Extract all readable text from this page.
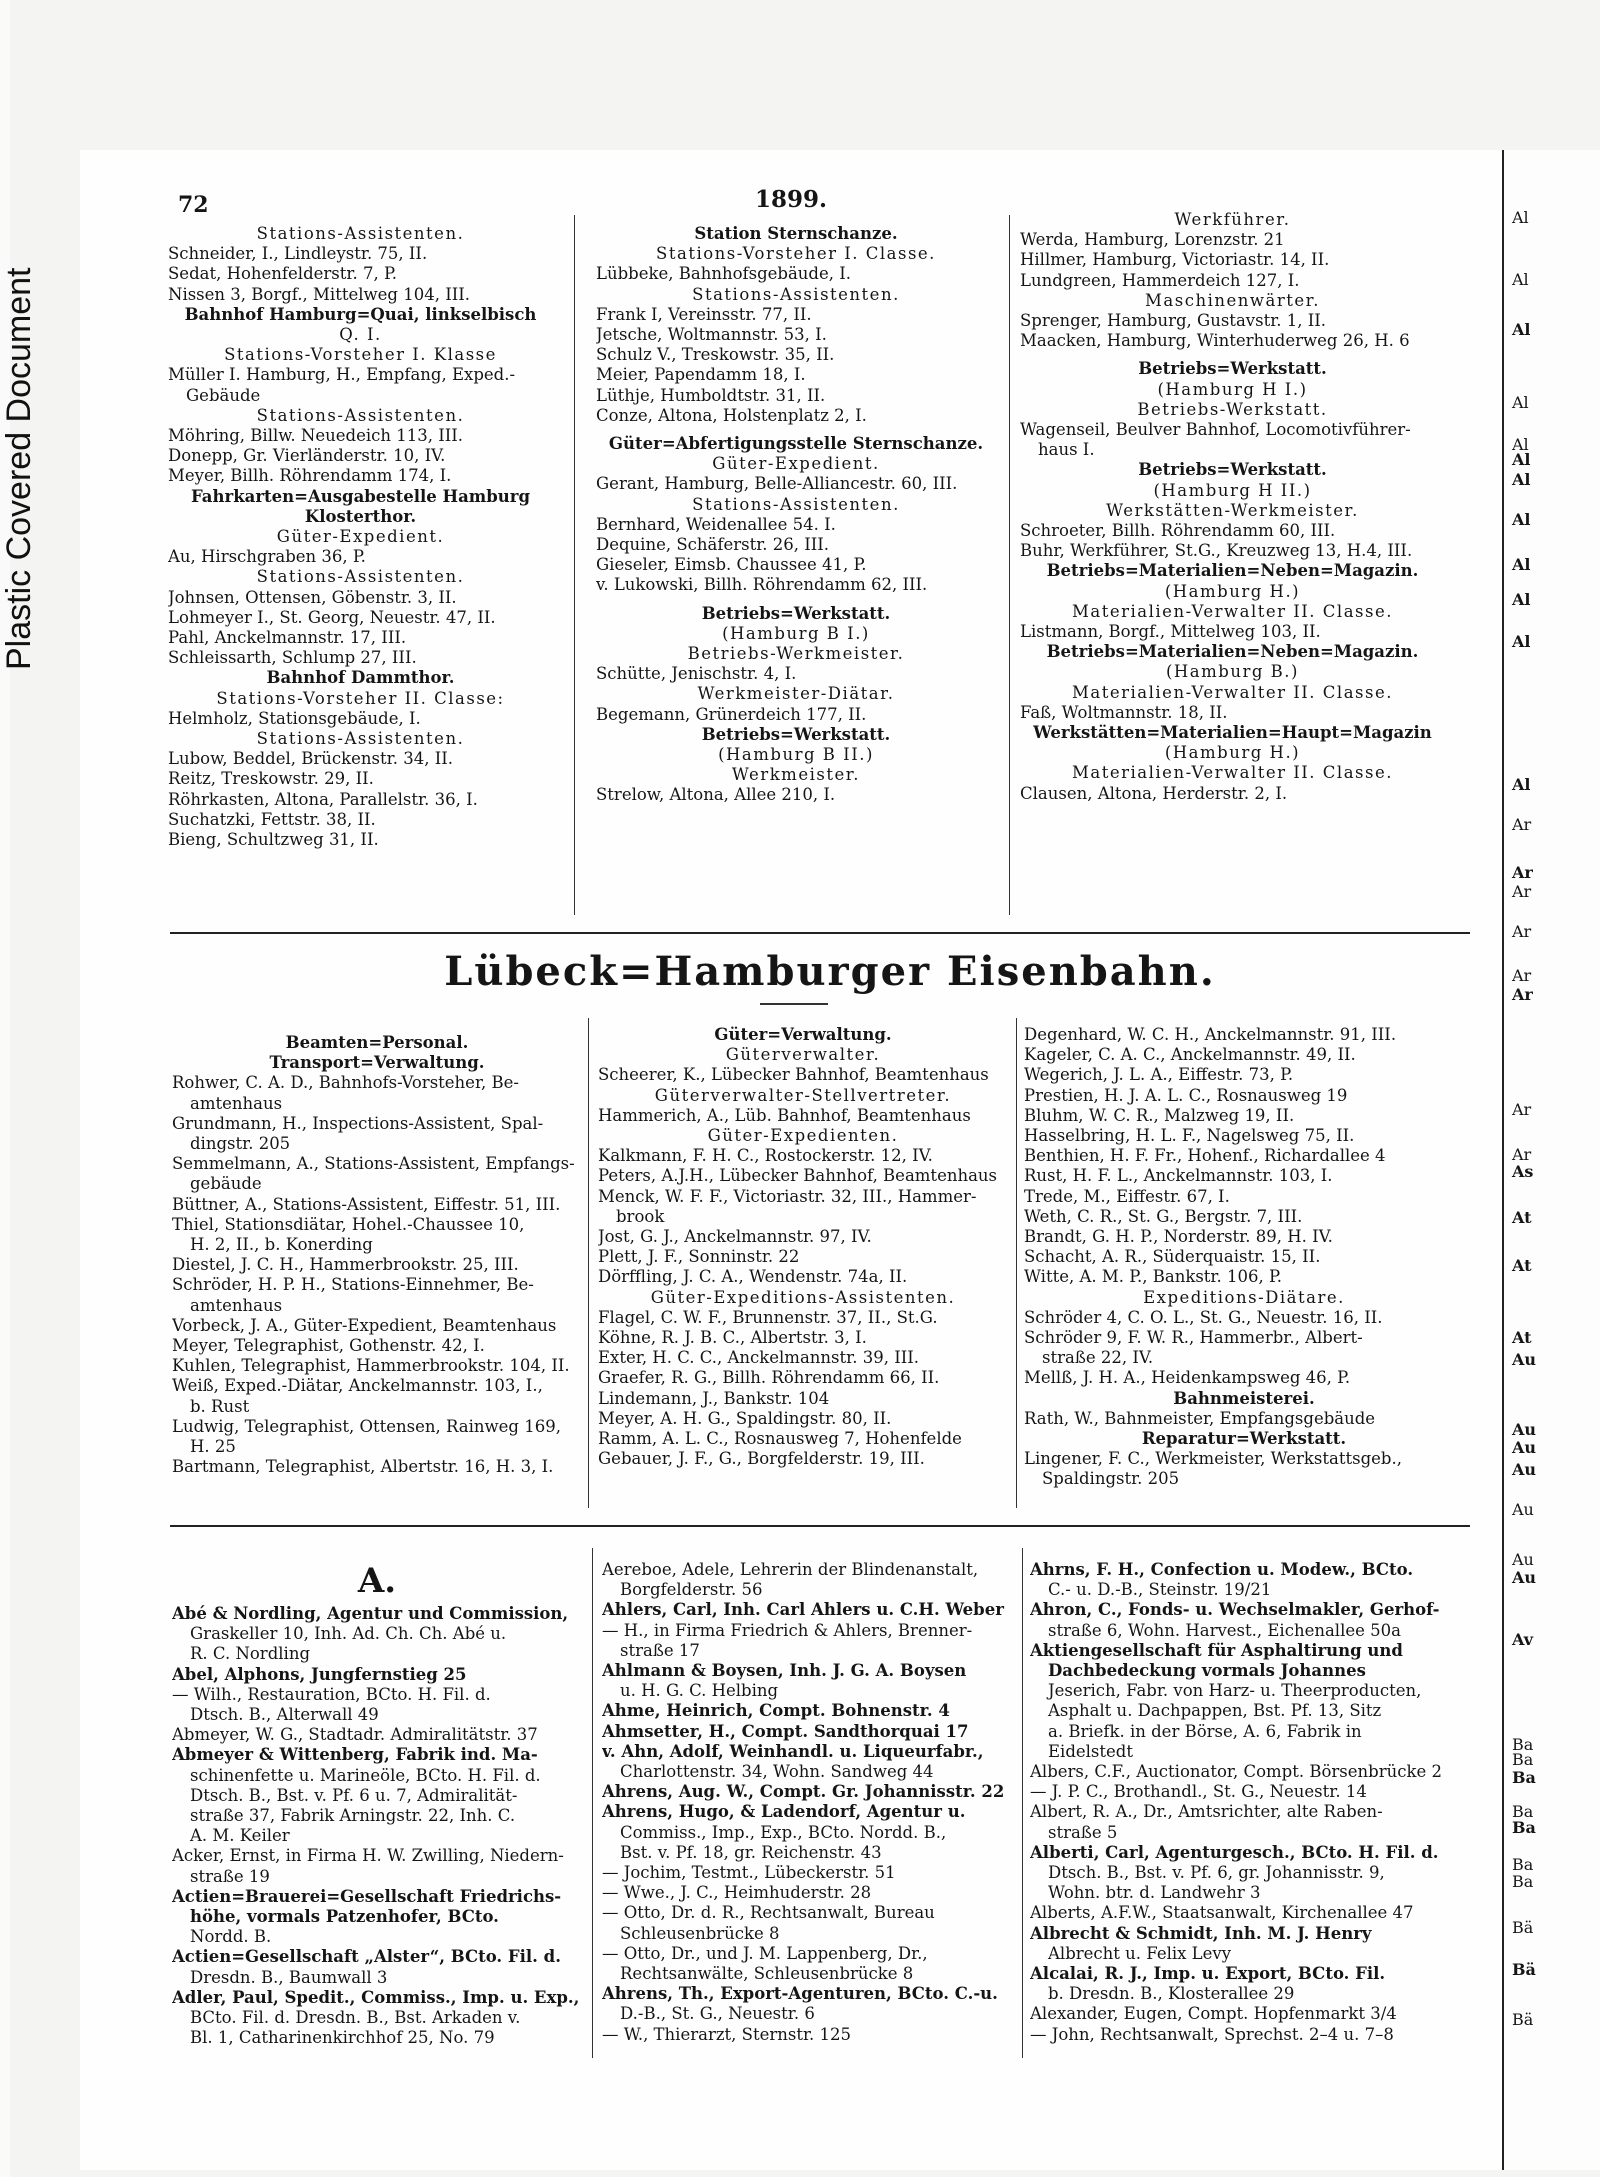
Plastic Covered Document
Al
Al
Al
Al
Al
Al
Al
Al
Al
Al
Al
Al
Ar
Ar
Ar
Ar
Ar
Ar
Ar
Ar
As
At
At
At
Au
Au
Au
Au
Au
Au
Au
Av
Ba
Ba
Ba
Ba
Ba
Ba
Ba
Bä
Bä
Bä
72	1899.
Stations-Assistenten.
Schneider, I., Lindleystr. 75, II.
Sedat, Hohenfelderstr. 7, P.
Nissen 3, Borgf., Mittelweg 104, III.
Bahnhof Hamburg=Quai, linkselbisch
Q. I.
Stations-Vorsteher I. Klasse
Müller I. Hamburg, H., Empfang, Exped.-
Gebäude
Stations-Assistenten.
Möhring, Billw. Neuedeich 113, III.
Donepp, Gr. Vierländerstr. 10, IV.
Meyer, Billh. Röhrendamm 174, I.
Fahrkarten=Ausgabestelle Hamburg
Klosterthor.
Güter-Expedient.
Au, Hirschgraben 36, P.
Stations-Assistenten.
Johnsen, Ottensen, Göbenstr. 3, II.
Lohmeyer I., St. Georg, Neuestr. 47, II.
Pahl, Anckelmannstr. 17, III.
Schleissarth, Schlump 27, III.
Bahnhof Dammthor.
Stations-Vorsteher II. Classe:
Helmholz, Stationsgebäude, I.
Stations-Assistenten.
Lubow, Beddel, Brückenstr. 34, II.
Reitz, Treskowstr. 29, II.
Röhrkasten, Altona, Parallelstr. 36, I.
Suchatzki, Fettstr. 38, II.
Bieng, Schultzweg 31, II.
Station Sternschanze.
Stations-Vorsteher I. Classe.
Lübbeke, Bahnhofsgebäude, I.
Stations-Assistenten.
Frank I, Vereinsstr. 77, II.
Jetsche, Woltmannstr. 53, I.
Schulz V., Treskowstr. 35, II.
Meier, Papendamm 18, I.
Lüthje, Humboldtstr. 31, II.
Conze, Altona, Holstenplatz 2, I.
Güter=Abfertigungsstelle Sternschanze.
Güter-Expedient.
Gerant, Hamburg, Belle-Alliancestr. 60, III.
Stations-Assistenten.
Bernhard, Weidenallee 54. I.
Dequine, Schäferstr. 26, III.
Gieseler, Eimsb. Chaussee 41, P.
v. Lukowski, Billh. Röhrendamm 62, III.
Betriebs=Werkstatt.
(Hamburg B I.)
Betriebs-Werkmeister.
Schütte, Jenischstr. 4, I.
Werkmeister-Diätar.
Begemann, Grünerdeich 177, II.
Betriebs=Werkstatt.
(Hamburg B II.)
Werkmeister.
Strelow, Altona, Allee 210, I.
Werkführer.
Werda, Hamburg, Lorenzstr. 21
Hillmer, Hamburg, Victoriastr. 14, II.
Lundgreen, Hammerdeich 127, I.
Maschinenwärter.
Sprenger, Hamburg, Gustavstr. 1, II.
Maacken, Hamburg, Winterhuderweg 26, H. 6
Betriebs=Werkstatt.
(Hamburg H I.)
Betriebs-Werkstatt.
Wagenseil, Beulver Bahnhof, Locomotivführer-
haus I.
Betriebs=Werkstatt.
(Hamburg H II.)
Werkstätten-Werkmeister.
Schroeter, Billh. Röhrendamm 60, III.
Buhr, Werkführer, St.G., Kreuzweg 13, H.4, III.
Betriebs=Materialien=Neben=Magazin.
(Hamburg H.)
Materialien-Verwalter II. Classe.
Listmann, Borgf., Mittelweg 103, II.
Betriebs=Materialien=Neben=Magazin.
(Hamburg B.)
Materialien-Verwalter II. Classe.
Faß, Woltmannstr. 18, II.
Werkstätten=Materialien=Haupt=Magazin
(Hamburg H.)
Materialien-Verwalter II. Classe.
Clausen, Altona, Herderstr. 2, I.
Lübeck=Hamburger Eisenbahn.
Beamten=Personal.
Transport=Verwaltung.
Rohwer, C. A. D., Bahnhofs-Vorsteher, Be-
amtenhaus
Grundmann, H., Inspections-Assistent, Spal-
dingstr. 205
Semmelmann, A., Stations-Assistent, Empfangs-
gebäude
Büttner, A., Stations-Assistent, Eiffestr. 51, III.
Thiel, Stationsdiätar, Hohel.-Chaussee 10,
H. 2, II., b. Konerding
Diestel, J. C. H., Hammerbrookstr. 25, III.
Schröder, H. P. H., Stations-Einnehmer, Be-
amtenhaus
Vorbeck, J. A., Güter-Expedient, Beamtenhaus
Meyer, Telegraphist, Gothenstr. 42, I.
Kuhlen, Telegraphist, Hammerbrookstr. 104, II.
Weiß, Exped.-Diätar, Anckelmannstr. 103, I.,
b. Rust
Ludwig, Telegraphist, Ottensen, Rainweg 169,
H. 25
Bartmann, Telegraphist, Albertstr. 16, H. 3, I.
Güter=Verwaltung.
Güterverwalter.
Scheerer, K., Lübecker Bahnhof, Beamtenhaus
Güterverwalter-Stellvertreter.
Hammerich, A., Lüb. Bahnhof, Beamtenhaus
Güter-Expedienten.
Kalkmann, F. H. C., Rostockerstr. 12, IV.
Peters, A.J.H., Lübecker Bahnhof, Beamtenhaus
Menck, W. F. F., Victoriastr. 32, III., Hammer-
brook
Jost, G. J., Anckelmannstr. 97, IV.
Plett, J. F., Sonninstr. 22
Dörffling, J. C. A., Wendenstr. 74a, II.
Güter-Expeditions-Assistenten.
Flagel, C. W. F., Brunnenstr. 37, II., St.G.
Köhne, R. J. B. C., Albertstr. 3, I.
Exter, H. C. C., Anckelmannstr. 39, III.
Graefer, R. G., Billh. Röhrendamm 66, II.
Lindemann, J., Bankstr. 104
Meyer, A. H. G., Spaldingstr. 80, II.
Ramm, A. L. C., Rosnausweg 7, Hohenfelde
Gebauer, J. F., G., Borgfelderstr. 19, III.
Degenhard, W. C. H., Anckelmannstr. 91, III.
Kageler, C. A. C., Anckelmannstr. 49, II.
Wegerich, J. L. A., Eiffestr. 73, P.
Prestien, H. J. A. L. C., Rosnausweg 19
Bluhm, W. C. R., Malzweg 19, II.
Hasselbring, H. L. F., Nagelsweg 75, II.
Benthien, H. F. Fr., Hohenf., Richardallee 4
Rust, H. F. L., Anckelmannstr. 103, I.
Trede, M., Eiffestr. 67, I.
Weth, C. R., St. G., Bergstr. 7, III.
Brandt, G. H. P., Norderstr. 89, H. IV.
Schacht, A. R., Süderquaistr. 15, II.
Witte, A. M. P., Bankstr. 106, P.
Expeditions-Diätare.
Schröder 4, C. O. L., St. G., Neuestr. 16, II.
Schröder 9, F. W. R., Hammerbr., Albert-
straße 22, IV.
Mellß, J. H. A., Heidenkampsweg 46, P.
Bahnmeisterei.
Rath, W., Bahnmeister, Empfangsgebäude
Reparatur=Werkstatt.
Lingener, F. C., Werkmeister, Werkstattsgeb.,
Spaldingstr. 205
A.
Abé & Nordling, Agentur und Commission,
Graskeller 10, Inh. Ad. Ch. Ch. Abé u.
R. C. Nordling
Abel, Alphons, Jungfernstieg 25
— Wilh., Restauration, BCto. H. Fil. d.
Dtsch. B., Alterwall 49
Abmeyer, W. G., Stadtadr. Admiralitätstr. 37
Abmeyer & Wittenberg, Fabrik ind. Ma-
schinenfette u. Marineöle, BCto. H. Fil. d.
Dtsch. B., Bst. v. Pf. 6 u. 7, Admiralität-
straße 37, Fabrik Arningstr. 22, Inh. C.
A. M. Keiler
Acker, Ernst, in Firma H. W. Zwilling, Niedern-
straße 19
Actien=Brauerei=Gesellschaft Friedrichs-
höhe, vormals Patzenhofer, BCto.
Nordd. B.
Actien=Gesellschaft „Alster“, BCto. Fil. d.
Dresdn. B., Baumwall 3
Adler, Paul, Spedit., Commiss., Imp. u. Exp.,
BCto. Fil. d. Dresdn. B., Bst. Arkaden v.
Bl. 1, Catharinenkirchhof 25, No. 79
Aereboe, Adele, Lehrerin der Blindenanstalt,
Borgfelderstr. 56
Ahlers, Carl, Inh. Carl Ahlers u. C.H. Weber
— H., in Firma Friedrich & Ahlers, Brenner-
straße 17
Ahlmann & Boysen, Inh. J. G. A. Boysen
u. H. G. C. Helbing
Ahme, Heinrich, Compt. Bohnenstr. 4
Ahmsetter, H., Compt. Sandthorquai 17
v. Ahn, Adolf, Weinhandl. u. Liqueurfabr.,
Charlottenstr. 34, Wohn. Sandweg 44
Ahrens, Aug. W., Compt. Gr. Johannisstr. 22
Ahrens, Hugo, & Ladendorf, Agentur u.
Commiss., Imp., Exp., BCto. Nordd. B.,
Bst. v. Pf. 18, gr. Reichenstr. 43
— Jochim, Testmt., Lübeckerstr. 51
— Wwe., J. C., Heimhuderstr. 28
— Otto, Dr. d. R., Rechtsanwalt, Bureau
Schleusenbrücke 8
— Otto, Dr., und J. M. Lappenberg, Dr.,
Rechtsanwälte, Schleusenbrücke 8
Ahrens, Th., Export-Agenturen, BCto. C.-u.
D.-B., St. G., Neuestr. 6
— W., Thierarzt, Sternstr. 125
Ahrns, F. H., Confection u. Modew., BCto.
C.- u. D.-B., Steinstr. 19/21
Ahron, C., Fonds- u. Wechselmakler, Gerhof-
straße 6, Wohn. Harvest., Eichenallee 50a
Aktiengesellschaft für Asphaltirung und
Dachbedeckung vormals Johannes
Jeserich, Fabr. von Harz- u. Theerproducten,
Asphalt u. Dachpappen, Bst. Pf. 13, Sitz
a. Briefk. in der Börse, A. 6, Fabrik in
Eidelstedt
Albers, C.F., Auctionator, Compt. Börsenbrücke 2
— J. P. C., Brothandl., St. G., Neuestr. 14
Albert, R. A., Dr., Amtsrichter, alte Raben-
straße 5
Alberti, Carl, Agenturgesch., BCto. H. Fil. d.
Dtsch. B., Bst. v. Pf. 6, gr. Johannisstr. 9,
Wohn. btr. d. Landwehr 3
Alberts, A.F.W., Staatsanwalt, Kirchenallee 47
Albrecht & Schmidt, Inh. M. J. Henry
Albrecht u. Felix Levy
Alcalai, R. J., Imp. u. Export, BCto. Fil.
b. Dresdn. B., Klosterallee 29
Alexander, Eugen, Compt. Hopfenmarkt 3/4
— John, Rechtsanwalt, Sprechst. 2–4 u. 7–8
